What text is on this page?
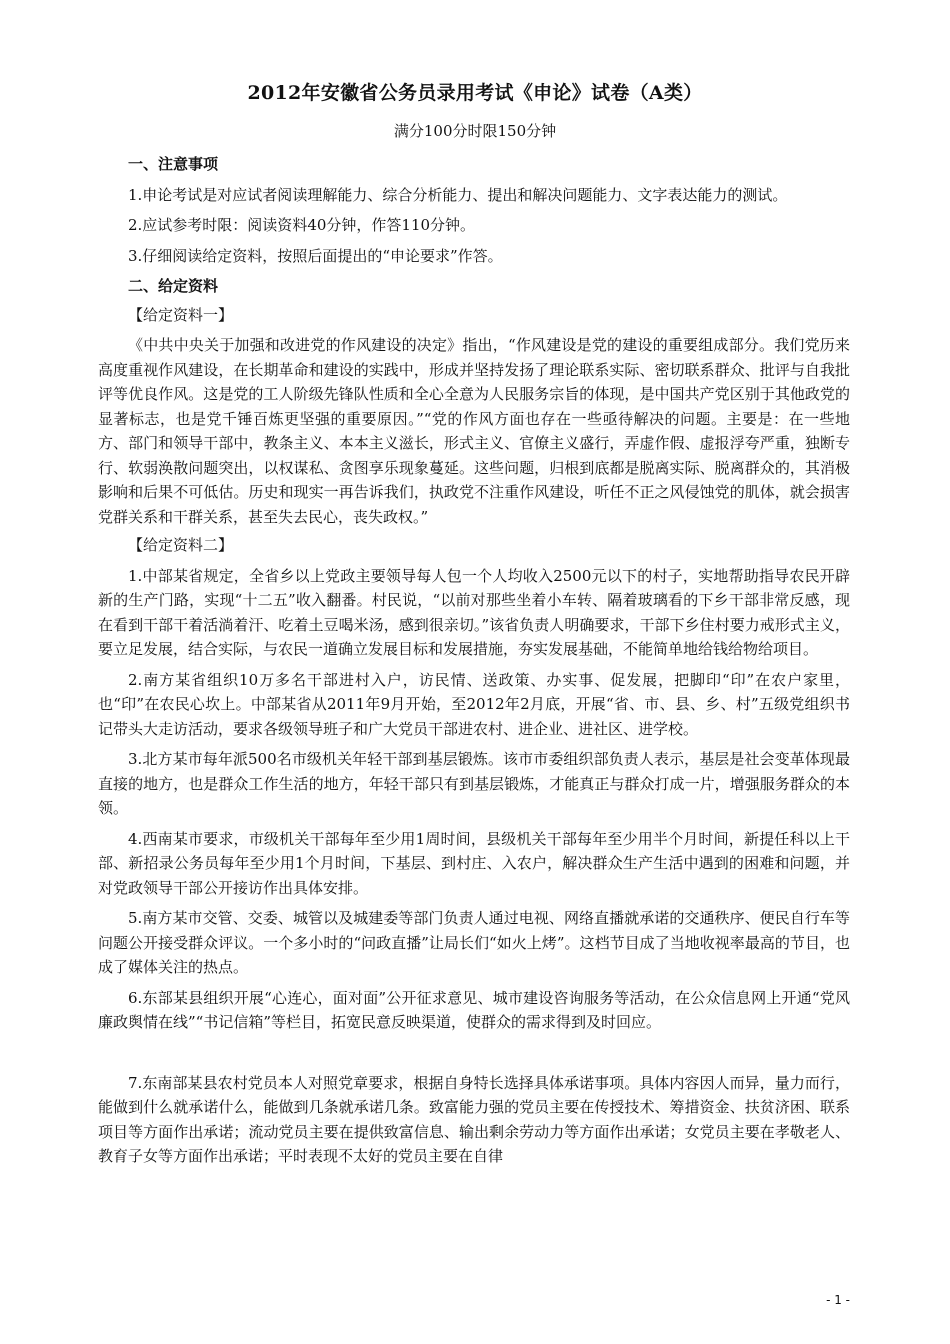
2012年安徽省公务员录用考试《申论》试卷（A类）
满分100分时限150分钟

一、注意事项

1.申论考试是对应试者阅读理解能力、综合分析能力、提出和解决问题能力、文字表达能力的测试。

2.应试参考时限：阅读资料40分钟，作答110分钟。

3.仔细阅读给定资料，按照后面提出的“申论要求”作答。

二、给定资料

【给定资料一】

《中共中央关于加强和改进党的作风建设的决定》指出，“作风建设是党的建设的重要组成部分。我们党历来高度重视作风建设，在长期革命和建设的实践中，形成并坚持发扬了理论联系实际、密切联系群众、批评与自我批评等优良作风。这是党的工人阶级先锋队性质和全心全意为人民服务宗旨的体现，是中国共产党区别于其他政党的显著标志，也是党千锤百炼更坚强的重要原因。”“党的作风方面也存在一些亟待解决的问题。主要是：在一些地方、部门和领导干部中，教条主义、本本主义滋长，形式主义、官僚主义盛行，弄虚作假、虚报浮夸严重，独断专行、软弱涣散问题突出，以权谋私、贪图享乐现象蔓延。这些问题，归根到底都是脱离实际、脱离群众的，其消极影响和后果不可低估。历史和现实一再告诉我们，执政党不注重作风建设，听任不正之风侵蚀党的肌体，就会损害党群关系和干群关系，甚至失去民心，丧失政权。”

【给定资料二】

1.中部某省规定，全省乡以上党政主要领导每人包一个人均收入2500元以下的村子，实地帮助指导农民开辟新的生产门路，实现“十二五”收入翻番。村民说，“以前对那些坐着小车转、隔着玻璃看的下乡干部非常反感，现在看到干部干着活淌着汗、吃着土豆喝米汤，感到很亲切。”该省负责人明确要求，干部下乡住村要力戒形式主义，要立足发展，结合实际，与农民一道确立发展目标和发展措施，夯实发展基础，不能简单地给钱给物给项目。

2.南方某省组织10万多名干部进村入户，访民情、送政策、办实事、促发展，把脚印“印”在农户家里，也“印”在农民心坎上。中部某省从2011年9月开始，至2012年2月底，开展“省、市、县、乡、村”五级党组织书记带头大走访活动，要求各级领导班子和广大党员干部进农村、进企业、进社区、进学校。

3.北方某市每年派500名市级机关年轻干部到基层锻炼。该市市委组织部负责人表示，基层是社会变革体现最直接的地方，也是群众工作生活的地方，年轻干部只有到基层锻炼，才能真正与群众打成一片，增强服务群众的本领。

4.西南某市要求，市级机关干部每年至少用1周时间，县级机关干部每年至少用半个月时间，新提任科以上干部、新招录公务员每年至少用1个月时间，下基层、到村庄、入农户，解决群众生产生活中遇到的困难和问题，并对党政领导干部公开接访作出具体安排。

5.南方某市交管、交委、城管以及城建委等部门负责人通过电视、网络直播就承诺的交通秩序、便民自行车等问题公开接受群众评议。一个多小时的“问政直播”让局长们“如火上烤”。这档节目成了当地收视率最高的节目，也成了媒体关注的热点。

6.东部某县组织开展“心连心，面对面”公开征求意见、城市建设咨询服务等活动，在公众信息网上开通“党风廉政舆情在线”“书记信箱”等栏目，拓宽民意反映渠道，使群众的需求得到及时回应。

7.东南部某县农村党员本人对照党章要求，根据自身特长选择具体承诺事项。具体内容因人而异，量力而行，能做到什么就承诺什么，能做到几条就承诺几条。致富能力强的党员主要在传授技术、筹措资金、扶贫济困、联系项目等方面作出承诺；流动党员主要在提供致富信息、输出剩余劳动力等方面作出承诺；女党员主要在孝敬老人、教育子女等方面作出承诺；平时表现不太好的党员主要在自律

- 1 -
